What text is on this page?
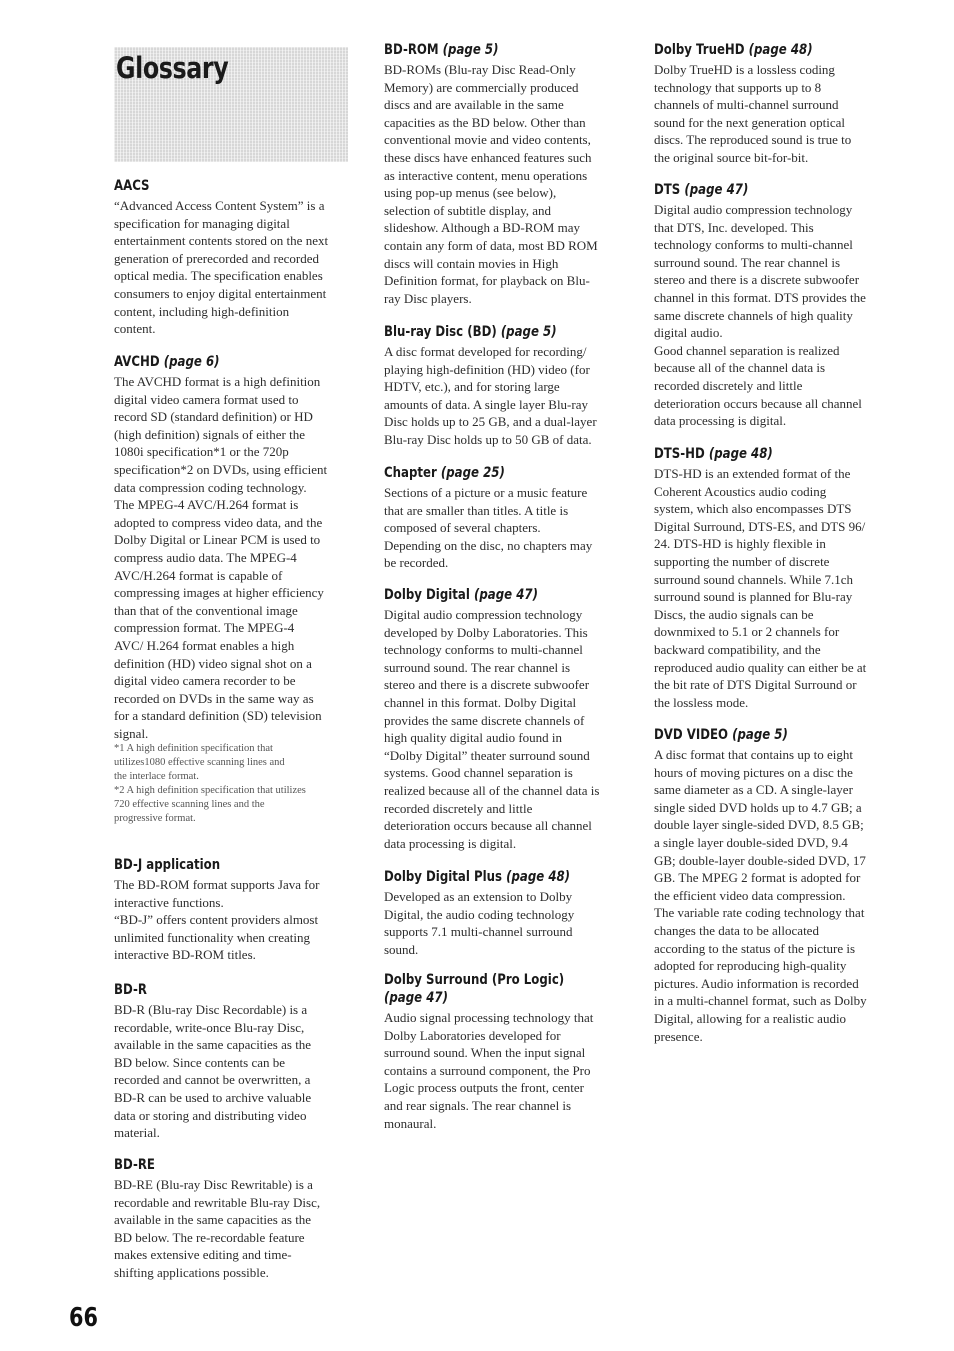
Glossary
AACS

“Advanced Access Content System” is a
specification for managing digital
entertainment contents stored on the next
generation of prerecorded and recorded
optical media. The specification enables
consumers to enjoy digital entertainment
content, including high-definition
content.

AVCHD (page 6)

The AVCHD format is a high definition
digital video camera format used to
record SD (standard definition) or HD
(high definition) signals of either the
1080i specification*1 or the 720p
specification*2 on DVDs, using efficient
data compression coding technology.
The MPEG-4 AVC/H.264 format is
adopted to compress video data, and the
Dolby Digital or Linear PCM is used to
compress audio data. The MPEG-4
AVC/H.264 format is capable of
compressing images at higher efficiency
than that of the conventional image
compression format. The MPEG-4
AVC/ H.264 format enables a high
definition (HD) video signal shot on a
digital video camera recorder to be
recorded on DVDs in the same way as
for a standard definition (SD) television
signal.

*1 A high definition specification that
utilizes1080 effective scanning lines and
the interlace format.

*2 A high definition specification that utilizes
720 effective scanning lines and the
progressive format.

BD-J application

The BD-ROM format supports Java for
interactive functions.
“BD-J” offers content providers almost
unlimited functionality when creating
interactive BD-ROM titles.

BD-R

BD-R (Blu-ray Disc Recordable) is a
recordable, write-once Blu-ray Disc,
available in the same capacities as the
BD below. Since contents can be
recorded and cannot be overwritten, a
BD-R can be used to archive valuable
data or storing and distributing video
material.

BD-RE

BD-RE (Blu-ray Disc Rewritable) is a
recordable and rewritable Blu-ray Disc,
available in the same capacities as the
BD below. The re-recordable feature
makes extensive editing and time-
shifting applications possible.

BD-ROM (page 5)

BD-ROMs (Blu-ray Disc Read-Only
Memory) are commercially produced
discs and are available in the same
capacities as the BD below. Other than
conventional movie and video contents,
these discs have enhanced features such
as interactive content, menu operations
using pop-up menus (see below),
selection of subtitle display, and
slideshow. Although a BD-ROM may
contain any form of data, most BD ROM
discs will contain movies in High
Definition format, for playback on Blu-
ray Disc players.

Blu-ray Disc (BD) (page 5)

A disc format developed for recording/
playing high-definition (HD) video (for
HDTV, etc.), and for storing large
amounts of data. A single layer Blu-ray
Disc holds up to 25 GB, and a dual-layer
Blu-ray Disc holds up to 50 GB of data.

Chapter (page 25)

Sections of a picture or a music feature
that are smaller than titles. A title is
composed of several chapters.
Depending on the disc, no chapters may
be recorded.

Dolby Digital (page 47)

Digital audio compression technology
developed by Dolby Laboratories. This
technology conforms to multi-channel
surround sound. The rear channel is
stereo and there is a discrete subwoofer
channel in this format. Dolby Digital
provides the same discrete channels of
high quality digital audio found in
“Dolby Digital” theater surround sound
systems. Good channel separation is
realized because all of the channel data is
recorded discretely and little
deterioration occurs because all channel
data processing is digital.

Dolby Digital Plus (page 48)

Developed as an extension to Dolby
Digital, the audio coding technology
supports 7.1 multi-channel surround
sound.

Dolby Surround (Pro Logic)
(page 47)

Audio signal processing technology that
Dolby Laboratories developed for
surround sound. When the input signal
contains a surround component, the Pro
Logic process outputs the front, center
and rear signals. The rear channel is
monaural.

Dolby TrueHD (page 48)

Dolby TrueHD is a lossless coding
technology that supports up to 8
channels of multi-channel surround
sound for the next generation optical
discs. The reproduced sound is true to
the original source bit-for-bit.

DTS (page 47)

Digital audio compression technology
that DTS, Inc. developed. This
technology conforms to multi-channel
surround sound. The rear channel is
stereo and there is a discrete subwoofer
channel in this format. DTS provides the
same discrete channels of high quality
digital audio.
Good channel separation is realized
because all of the channel data is
recorded discretely and little
deterioration occurs because all channel
data processing is digital.

DTS-HD (page 48)

DTS-HD is an extended format of the
Coherent Acoustics audio coding
system, which also encompasses DTS
Digital Surround, DTS-ES, and DTS 96/
24. DTS-HD is highly flexible in
supporting the number of discrete
surround sound channels. While 7.1ch
surround sound is planned for Blu-ray
Discs, the audio signals can be
downmixed to 5.1 or 2 channels for
backward compatibility, and the
reproduced audio quality can either be at
the bit rate of DTS Digital Surround or
the lossless mode.

DVD VIDEO (page 5)

A disc format that contains up to eight
hours of moving pictures on a disc the
same diameter as a CD. A single-layer
single sided DVD holds up to 4.7 GB; a
double layer single-sided DVD, 8.5 GB;
a single layer double-sided DVD, 9.4
GB; double-layer double-sided DVD, 17
GB. The MPEG 2 format is adopted for
the efficient video data compression.
The variable rate coding technology that
changes the data to be allocated
according to the status of the picture is
adopted for reproducing high-quality
pictures. Audio information is recorded
in a multi-channel format, such as Dolby
Digital, allowing for a realistic audio
presence.

66
